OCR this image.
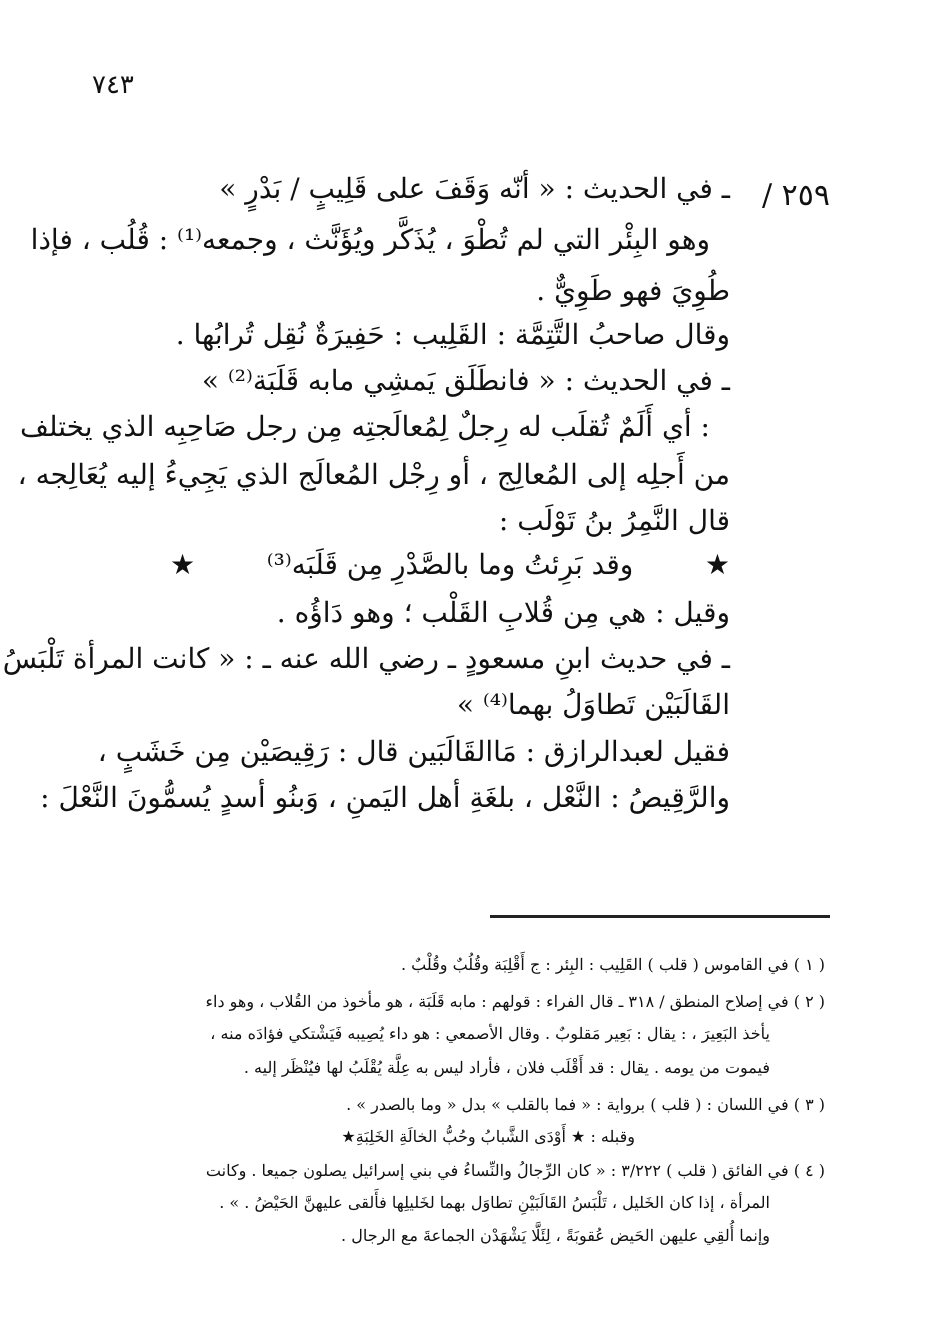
٧٤٣
٢٥٩ /
ـ في الحديث : « أنّه وَقَفَ على قَلِيبٍ / بَدْرٍ »
وهو البِئْر التي لم تُطْوَ ، يُذَكَّر ويُؤَنَّث ، وجمعه⁽¹⁾ : قُلُب ، فإذا
طُوِيَ فهو طَوِيٌّ .
وقال صاحبُ التَّتِمَّة : القَلِيب : حَفِيرَةٌ نُقِل تُرابُها .
ـ في الحديث : « فانطَلَق يَمشِي مابه قَلَبَة⁽²⁾ »
: أي أَلَمٌ تُقلَب له رِجلٌ لِمُعالَجتِه مِن رجل صَاحِبِه الذي يختلف
من أَجلِه إلى المُعالِج ، أو رِجْل المُعالَج الذي يَجِيءُ إليه يُعَالِجه ،
قال النَّمِرُ بنُ تَوْلَب :
★
وقد بَرِئتُ وما بالصَّدْرِ مِن قَلَبَه⁽³⁾
★
وقيل : هي مِن قُلابِ القَلْب ؛ وهو دَاؤُه .
ـ في حديث ابنِ مسعودٍ ـ رضي الله عنه ـ : « كانت المرأة تَلْبَسُ
القَالَبَيْن تَطاوَلُ بهما⁽⁴⁾ »
فقيل لعبدالرازق : مَاالقَالَبَين قال : رَقِيصَيْن مِن خَشَبٍ ،
والرَّقِيصُ : النَّعْل ، بلغَةِ أهل اليَمنِ ، وَبنُو أسدٍ يُسمُّونَ النَّعْلَ :
( ١ ) في القاموس ( قلب ) القَلِيب : البِئر : ج أَقْلِبَة وقُلُبٌ وقُلْبٌ .
( ٢ ) في إصلاح المنطق / ٣١٨ ـ قال الفراء : قولهم : مابه قَلَبَة ، هو مأخوذ من القُلاب ، وهو داء
يأخذ البَعِيرَ ، : يقال : بَعِير مَقلوبٌ . وقال الأصمعي : هو داء يُصِيبه فَيَشْتكي فؤادَه منه ،
فيموت من يومه . يقال : قد أَقْلَب فلان ، فأراد ليس به عِلَّة يُقْلَبُ لها فيُنْظَر إليه .
( ٣ ) في اللسان : ( قلب ) برواية : « فما بالقلب » بدل « وما بالصدر » .
وقبله : ★ أَوْدَى الشَّبابُ وحُبُّ الخالَةِ الخَلِبَةِ★
( ٤ ) في الفائق ( قلب ) ٣/٢٢٢ : « كان الرِّجالُ والنِّساءُ في بني إسرائيل يصلون جميعا . وكانت
المرأة ، إذا كان الخَليل ، تَلْبَسُ القَالَبَيْنِ تطاوَل بهما لخَليلِها فأَلقى عليهنَّ الحَيْضُ . » .
وإنما أُلقِي عليهن الحَيض عُقوبَةً ، لِئَلَّا يَشْهَدْن الجماعةَ مع الرجال .
